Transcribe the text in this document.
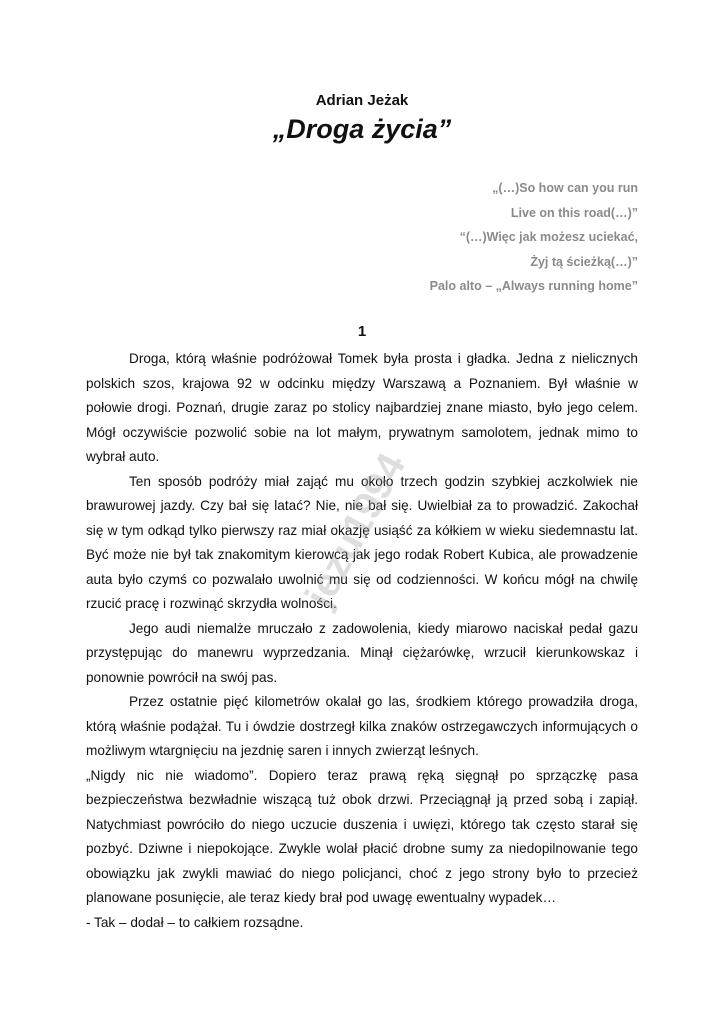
Adrian Jeżak
„Droga życia”
„(…)So how can you run
Live on this road(…)”
“(…)Więc jak możesz uciekać,
Żyj tą ścieżką(…)”
Palo alto – „Always running home”
1

Droga, którą właśnie podróżował Tomek była prosta i gładka. Jedna z nielicznych polskich szos, krajowa 92 w odcinku między Warszawą a Poznaniem. Był właśnie w połowie drogi. Poznań, drugie zaraz po stolicy najbardziej znane miasto, było jego celem. Mógł oczywiście pozwolić sobie na lot małym, prywatnym samolotem, jednak mimo to wybrał auto.

Ten sposób podróży miał zająć mu około trzech godzin szybkiej aczkolwiek nie brawurowej jazdy. Czy bał się latać? Nie, nie bał się. Uwielbiał za to prowadzić. Zakochał się w tym odkąd tylko pierwszy raz miał okazję usiąść za kółkiem w wieku siedemnastu lat. Być może nie był tak znakomitym kierowcą jak jego rodak Robert Kubica, ale prowadzenie auta było czymś co pozwalało uwolnić mu się od codzienności. W końcu mógł na chwilę rzucić pracę i rozwinąć skrzydła wolności.

Jego audi niemalże mruczało z zadowolenia, kiedy miarowo naciskał pedał gazu przystępując do manewru wyprzedzania. Minął ciężarówkę, wrzucił kierunkowskaz i ponownie powrócił na swój pas.

Przez ostatnie pięć kilometrów okalał go las, środkiem którego prowadziła droga, którą właśnie podążał. Tu i ówdzie dostrzegł kilka znaków ostrzegawczych informujących o możliwym wtargnięciu na jezdnię saren i innych zwierząt leśnych.

„Nigdy nic nie wiadomo”. Dopiero teraz prawą ręką sięgnął po sprzączkę pasa bezpieczeństwa bezwładnie wiszącą tuż obok drzwi. Przeciągnął ją przed sobą i zapiął. Natychmiast powróciło do niego uczucie duszenia i uwięzi, którego tak często starał się pozbyć. Dziwne i niepokojące. Zwykle wolał płacić drobne sumy za niedopilnowanie tego obowiązku jak zwykli mawiać do niego policjanci, choć z jego strony było to przecież planowane posunięcie, ale teraz kiedy brał pod uwagę ewentualny wypadek…

- Tak – dodał – to całkiem rozsądne.

jezu1994
